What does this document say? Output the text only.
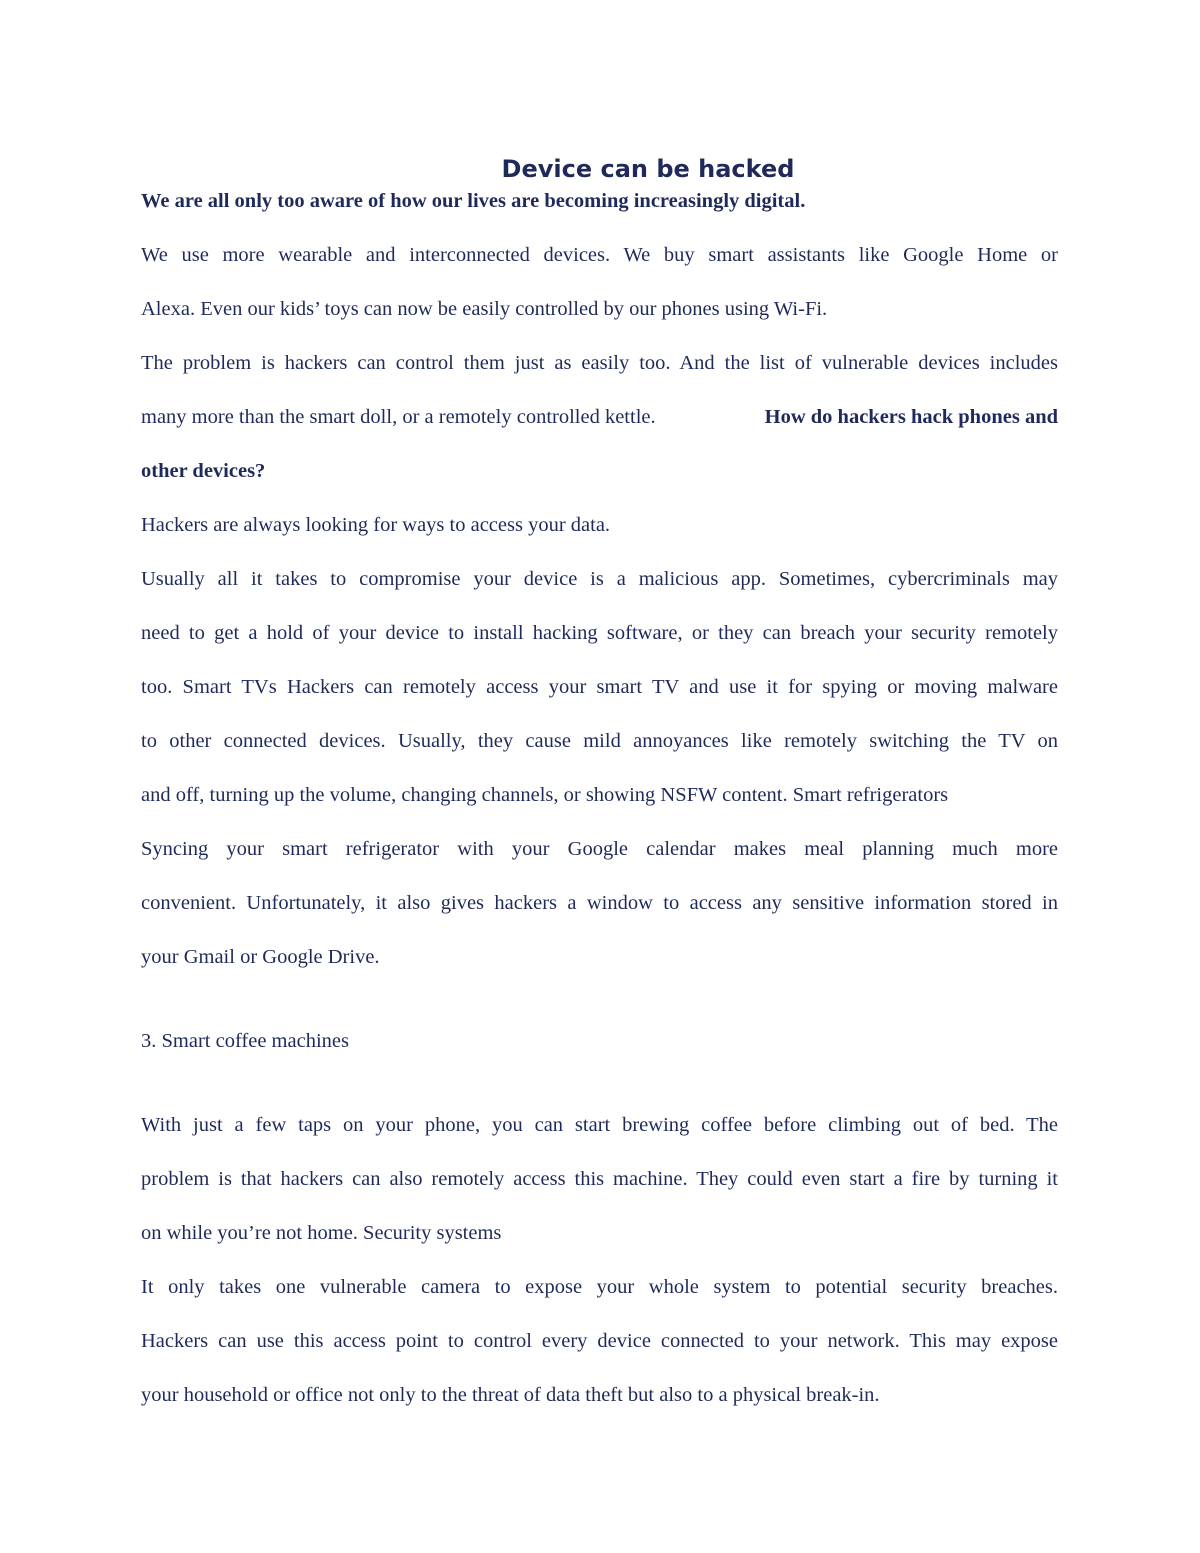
Device can be hacked

We are all only too aware of how our lives are becoming increasingly digital.

We use more wearable and interconnected devices. We buy smart assistants like Google Home or

Alexa. Even our kids’ toys can now be easily controlled by our phones using Wi-Fi.

The problem is hackers can control them just as easily too. And the list of vulnerable devices includes

many more than the smart doll, or a remotely controlled kettle.	How do hackers hack phones and

other devices?

Hackers are always looking for ways to access your data.

Usually all it takes to compromise your device is a malicious app. Sometimes, cybercriminals may

need to get a hold of your device to install hacking software, or they can breach your security remotely

too. Smart TVs Hackers can remotely access your smart TV and use it for spying or moving malware

to other connected devices. Usually, they cause mild annoyances like remotely switching the TV on

and off, turning up the volume, changing channels, or showing NSFW content. Smart refrigerators

Syncing your smart refrigerator with your Google calendar makes meal planning much more

convenient. Unfortunately, it also gives hackers a window to access any sensitive information stored in

your Gmail or Google Drive.

3. Smart coffee machines

With just a few taps on your phone, you can start brewing coffee before climbing out of bed. The

problem is that hackers can also remotely access this machine. They could even start a fire by turning it

on while you’re not home. Security systems

It only takes one vulnerable camera to expose your whole system to potential security breaches.

Hackers can use this access point to control every device connected to your network. This may expose

your household or office not only to the threat of data theft but also to a physical break-in.
